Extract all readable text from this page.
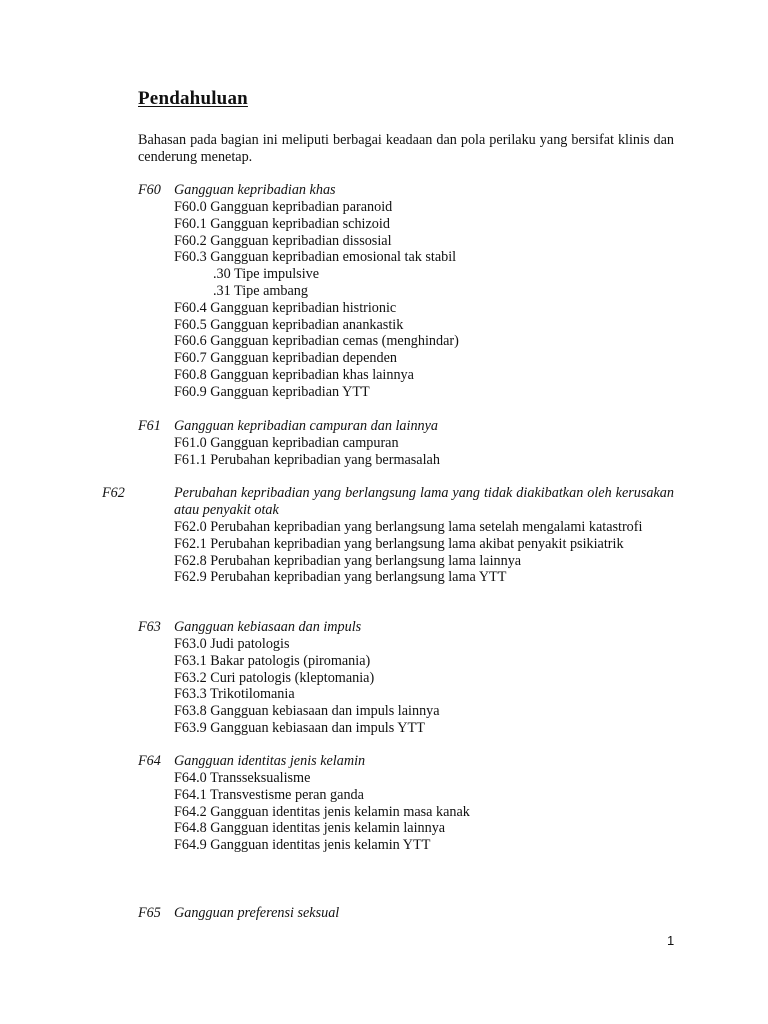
Pendahuluan
Bahasan pada bagian ini meliputi berbagai keadaan dan pola perilaku yang bersifat klinis dan cenderung menetap.
F60 Gangguan kepribadian khas
F60.0 Gangguan kepribadian paranoid
F60.1 Gangguan kepribadian schizoid
F60.2 Gangguan kepribadian dissosial
F60.3 Gangguan kepribadian emosional tak stabil
.30 Tipe impulsive
.31 Tipe ambang
F60.4 Gangguan kepribadian histrionic
F60.5 Gangguan kepribadian anankastik
F60.6 Gangguan kepribadian cemas (menghindar)
F60.7 Gangguan kepribadian dependen
F60.8 Gangguan kepribadian khas lainnya
F60.9 Gangguan kepribadian YTT
F61 Gangguan kepribadian campuran dan lainnya
F61.0 Gangguan kepribadian campuran
F61.1 Perubahan kepribadian yang bermasalah
F62	Perubahan kepribadian yang berlangsung lama yang tidak diakibatkan oleh kerusakan atau penyakit otak
F62.0 Perubahan kepribadian yang berlangsung lama setelah mengalami katastrofi
F62.1 Perubahan kepribadian yang berlangsung lama akibat penyakit psikiatrik
F62.8 Perubahan kepribadian yang berlangsung lama lainnya
F62.9 Perubahan kepribadian yang berlangsung lama YTT
F63 Gangguan kebiasaan dan impuls
F63.0 Judi patologis
F63.1 Bakar patologis (piromania)
F63.2 Curi patologis (kleptomania)
F63.3 Trikotilomania
F63.8 Gangguan kebiasaan dan impuls lainnya
F63.9 Gangguan kebiasaan dan impuls YTT
F64 Gangguan identitas jenis kelamin
F64.0 Transseksualisme
F64.1 Transvestisme peran ganda
F64.2 Gangguan identitas jenis kelamin masa kanak
F64.8 Gangguan identitas jenis kelamin lainnya
F64.9 Gangguan identitas jenis kelamin YTT
F65 Gangguan preferensi seksual
1
